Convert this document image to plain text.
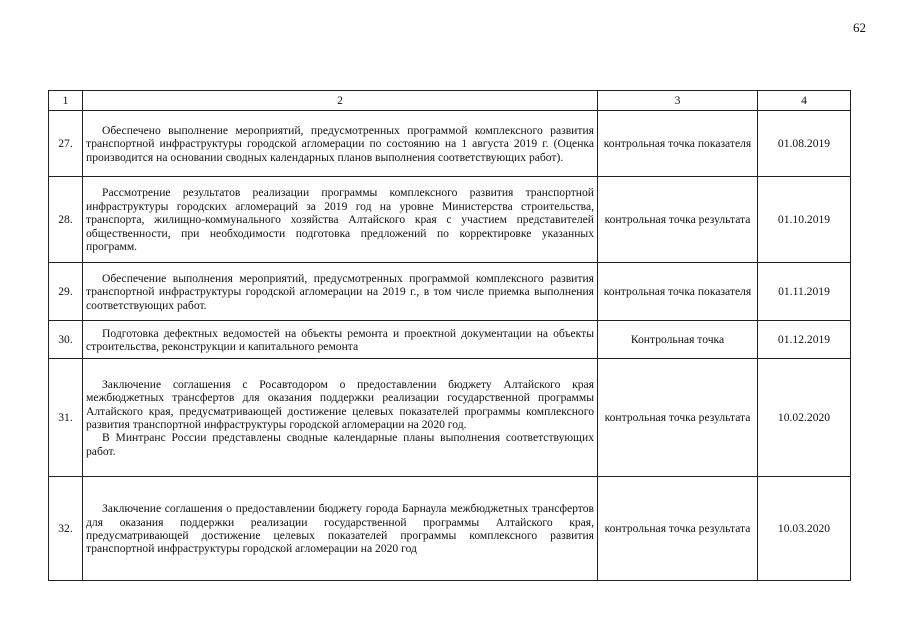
62
1	2	3	4
27.	Обеспечено выполнение мероприятий, предусмотренных программой комплексного развития транспортной инфраструктуры городской агломерации по состоянию на 1 августа 2019 г. (Оценка производится на основании сводных календарных планов выполнения соответствующих работ).	контрольная точка показателя	01.08.2019
28.	Рассмотрение результатов реализации программы комплексного развития транспортной инфраструктуры городских агломераций за 2019 год на уровне Министерства строительства, транспорта, жилищно-коммунального хозяйства Алтайского края с участием представителей общественности, при необходимости подготовка предложений по корректировке указанных программ.	контрольная точка результата	01.10.2019
29.	Обеспечение выполнения мероприятий, предусмотренных программой комплексного развития транспортной инфраструктуры городской агломерации на 2019 г., в том числе приемка выполнения соответствующих работ.	контрольная точка показателя	01.11.2019
30.	Подготовка дефектных ведомостей на объекты ремонта и проектной документации на объекты строительства, реконструкции и капитального ремонта	Контрольная точка	01.12.2019
31.	Заключение соглашения с Росавтодором о предоставлении бюджету Алтайского края межбюджетных трансфертов для оказания поддержки реализации государственной программы Алтайского края, предусматривающей достижение целевых показателей программы комплексного развития транспортной инфраструктуры городской агломерации на 2020 год.
В Минтранс России представлены сводные календарные планы выполнения соответствующих работ.	контрольная точка результата	10.02.2020
32.	Заключение соглашения о предоставлении бюджету города Барнаула межбюджетных трансфертов для оказания поддержки реализации государственной программы Алтайского края, предусматривающей достижение целевых показателей программы комплексного развития транспортной инфраструктуры городской агломерации на 2020 год	контрольная точка результата	10.03.2020
